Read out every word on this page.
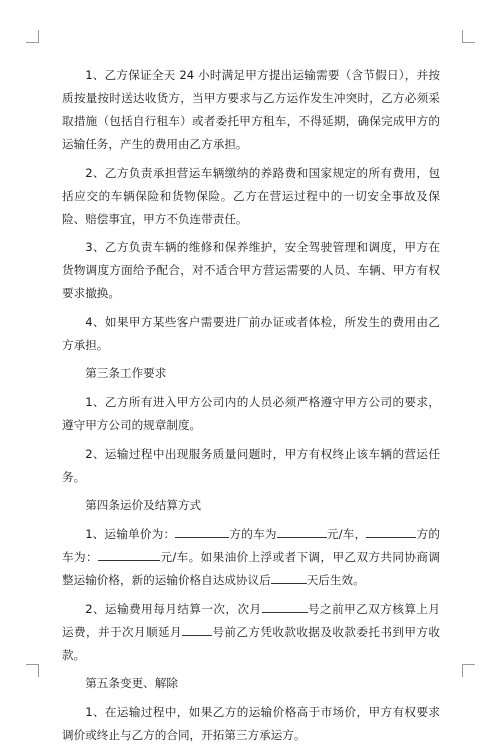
1、乙方保证全天 24 小时满足甲方提出运输需要（含节假日），并按质按量按时送达收货方，当甲方要求与乙方运作发生冲突时，乙方必须采取措施（包括自行租车）或者委托甲方租车，不得延期，确保完成甲方的运输任务，产生的费用由乙方承担。

2、乙方负责承担营运车辆缴纳的养路费和国家规定的所有费用，包括应交的车辆保险和货物保险。乙方在营运过程中的一切安全事故及保险、赔偿事宜，甲方不负连带责任。

3、乙方负责车辆的维修和保养维护，安全驾驶管理和调度，甲方在货物调度方面给予配合，对不适合甲方营运需要的人员、车辆、甲方有权要求撤换。

4、如果甲方某些客户需要进厂前办证或者体检，所发生的费用由乙方承担。

第三条工作要求

1、乙方所有进入甲方公司内的人员必须严格遵守甲方公司的要求，遵守甲方公司的规章制度。

2、运输过程中出现服务质量问题时，甲方有权终止该车辆的营运任务。

第四条运价及结算方式

1、运输单价为：	方的车为	元/车，	方的车为：	元/车。如果油价上浮或者下调，甲乙双方共同协商调整运输价格，新的运输价格自达成协议后	天后生效。

2、运输费用每月结算一次，次月	号之前甲乙双方核算上月运费，并于次月顺延月	号前乙方凭收款收据及收款委托书到甲方收款。

第五条变更、解除

1、在运输过程中，如果乙方的运输价格高于市场价，甲方有权要求调价或终止与乙方的合同，开拓第三方承运方。
